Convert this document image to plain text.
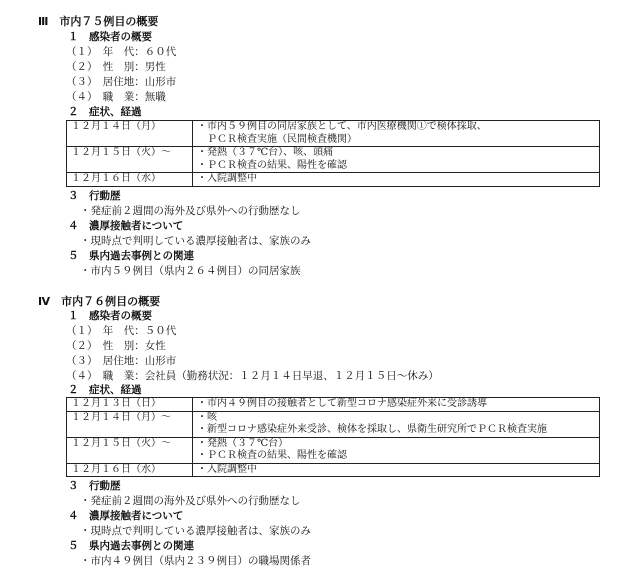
Ⅲ　市内７５例目の概要
１　感染者の概要
（１）　年　代：６０代
（２）　性　別：男性
（３）　居住地：山形市
（４）　職　業：無職
２　症状、経過
１２月１４日（月）	・市内５９例目の同居家族として、市内医療機関①で検体採取、
　ＰＣＲ検査実施（民間検査機関）

１２月１５日（火）～	・発熱（３７℃台）、咳、頭痛
・ＰＣＲ検査の結果、陽性を確認

１２月１６日（水）	・入院調整中
３　行動歴
・発症前２週間の海外及び県外への行動歴なし
４　濃厚接触者について
・現時点で判明している濃厚接触者は、家族のみ
５　県内過去事例との関連
・市内５９例目（県内２６４例目）の同居家族
Ⅳ　市内７６例目の概要
１　感染者の概要
（１）　年　代：５０代
（２）　性　別：女性
（３）　居住地：山形市
（４）　職　業：会社員（勤務状況：１２月１４日早退、１２月１５日～休み）
２　症状、経過
１２月１３日（日）	・市内４９例目の接触者として新型コロナ感染症外来に受診誘導

１２月１４日（月）～	・咳
・新型コロナ感染症外来受診、検体を採取し、県衛生研究所でＰＣＲ検査実施

１２月１５日（火）～	・発熱（３７℃台）
・ＰＣＲ検査の結果、陽性を確認

１２月１６日（水）	・入院調整中
３　行動歴
・発症前２週間の海外及び県外への行動歴なし
４　濃厚接触者について
・現時点で判明している濃厚接触者は、家族のみ
５　県内過去事例との関連
・市内４９例目（県内２３９例目）の職場関係者
